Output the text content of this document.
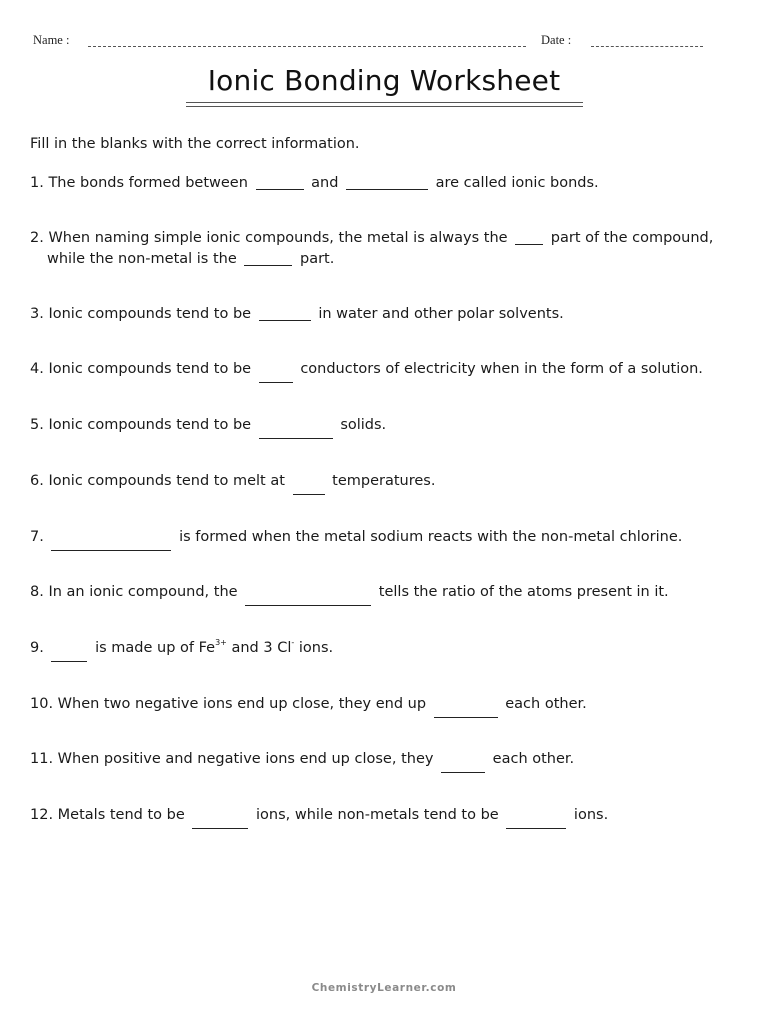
Name :	Date :
Ionic Bonding Worksheet
Fill in the blanks with the correct information.
1. The bonds formed between	and	are called ionic bonds.
2. When naming simple ionic compounds, the metal is always the	part of the compound,
while the non-metal is the	part.
3. Ionic compounds tend to be	in water and other polar solvents.
4. Ionic compounds tend to be	conductors of electricity when in the form of a solution.
5. Ionic compounds tend to be	solids.
6. Ionic compounds tend to melt at	temperatures.
7.	is formed when the metal sodium reacts with the non-metal chlorine.
8. In an ionic compound, the	tells the ratio of the atoms present in it.
9.	is made up of $Fe^{3+}$ and 3 Cl- ions.
10. When two negative ions end up close, they end up	each other.
11. When positive and negative ions end up close, they	each other.
12. Metals tend to be	ions, while non-metals tend to be	ions.
ChemistryLearner.com
